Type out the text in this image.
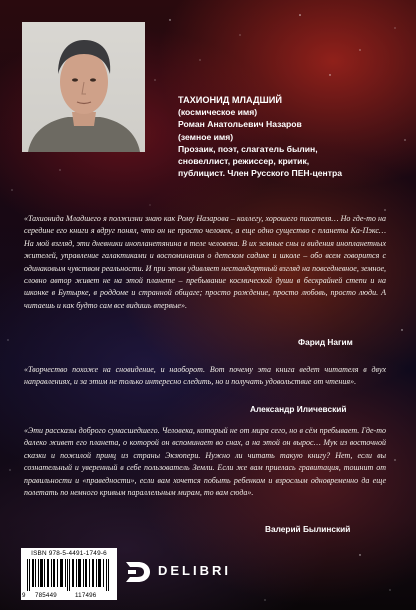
ТАХИОНИД МЛАДШИЙ
(космическое имя)
Роман Анатольевич Назаров
(земное имя)
Прозаик, поэт, слагатель былин,
сновеллист, режиссер, критик,
публицист. Член Русского ПЕН-центра
«Тахионида Младшего я полжизни знаю как Рому Назарова – коллегу, хорошего писателя… Но где-то на середине его книги я вдруг понял, что он не просто человек, а еще одно существо с планеты Ка-Пэкс… На мой взгляд, эти дневники инопланетянина в теле человека. В их земные сны и видения инопланетных жителей, управление галактиками и воспоминания о детском садике и школе – обо всем говорится с одинаковым чувством реальности. И при этом удивляет нестандартный взгляд на повседневное, земное, словно автор живет не на этой планете – пребывание космической души в бескрайней степи и на шконке в Бутырке, в роддоме и странной общаге; просто рождение, просто любовь, просто люди. А читаешь и как будто сам все видишь впервые».
Фарид Нагим
«Творчество похоже на сновидение, и наоборот. Вот почему эта книга ведет читателя в двух направлениях, и за этим не только интересно следить, но и получать удовольствие от чтения».
Александр Иличевский
«Эти рассказы доброго сумасшедшего. Человека, который не от мира сего, но в сём пребывает. Где-то далеко живет его планета, о которой он вспоминает во снах, а на этой он вырос… Мук из восточной сказки и пожилой принц из страны Экзюпери. Нужно ли читать такую книгу? Нет, если вы сознательный и уверенный в себе пользователь Земли. Если же вам приелась гравитация, тошнит от правильности и «праведности», если вам хочется побыть ребенком и взрослым одновременно да еще полетать по немного кривым параллельным мирам, то вам сюда».
Валерий Былинский
ISBN 978-5-4491-1749-6
9 785449	117496
DELIBRI
